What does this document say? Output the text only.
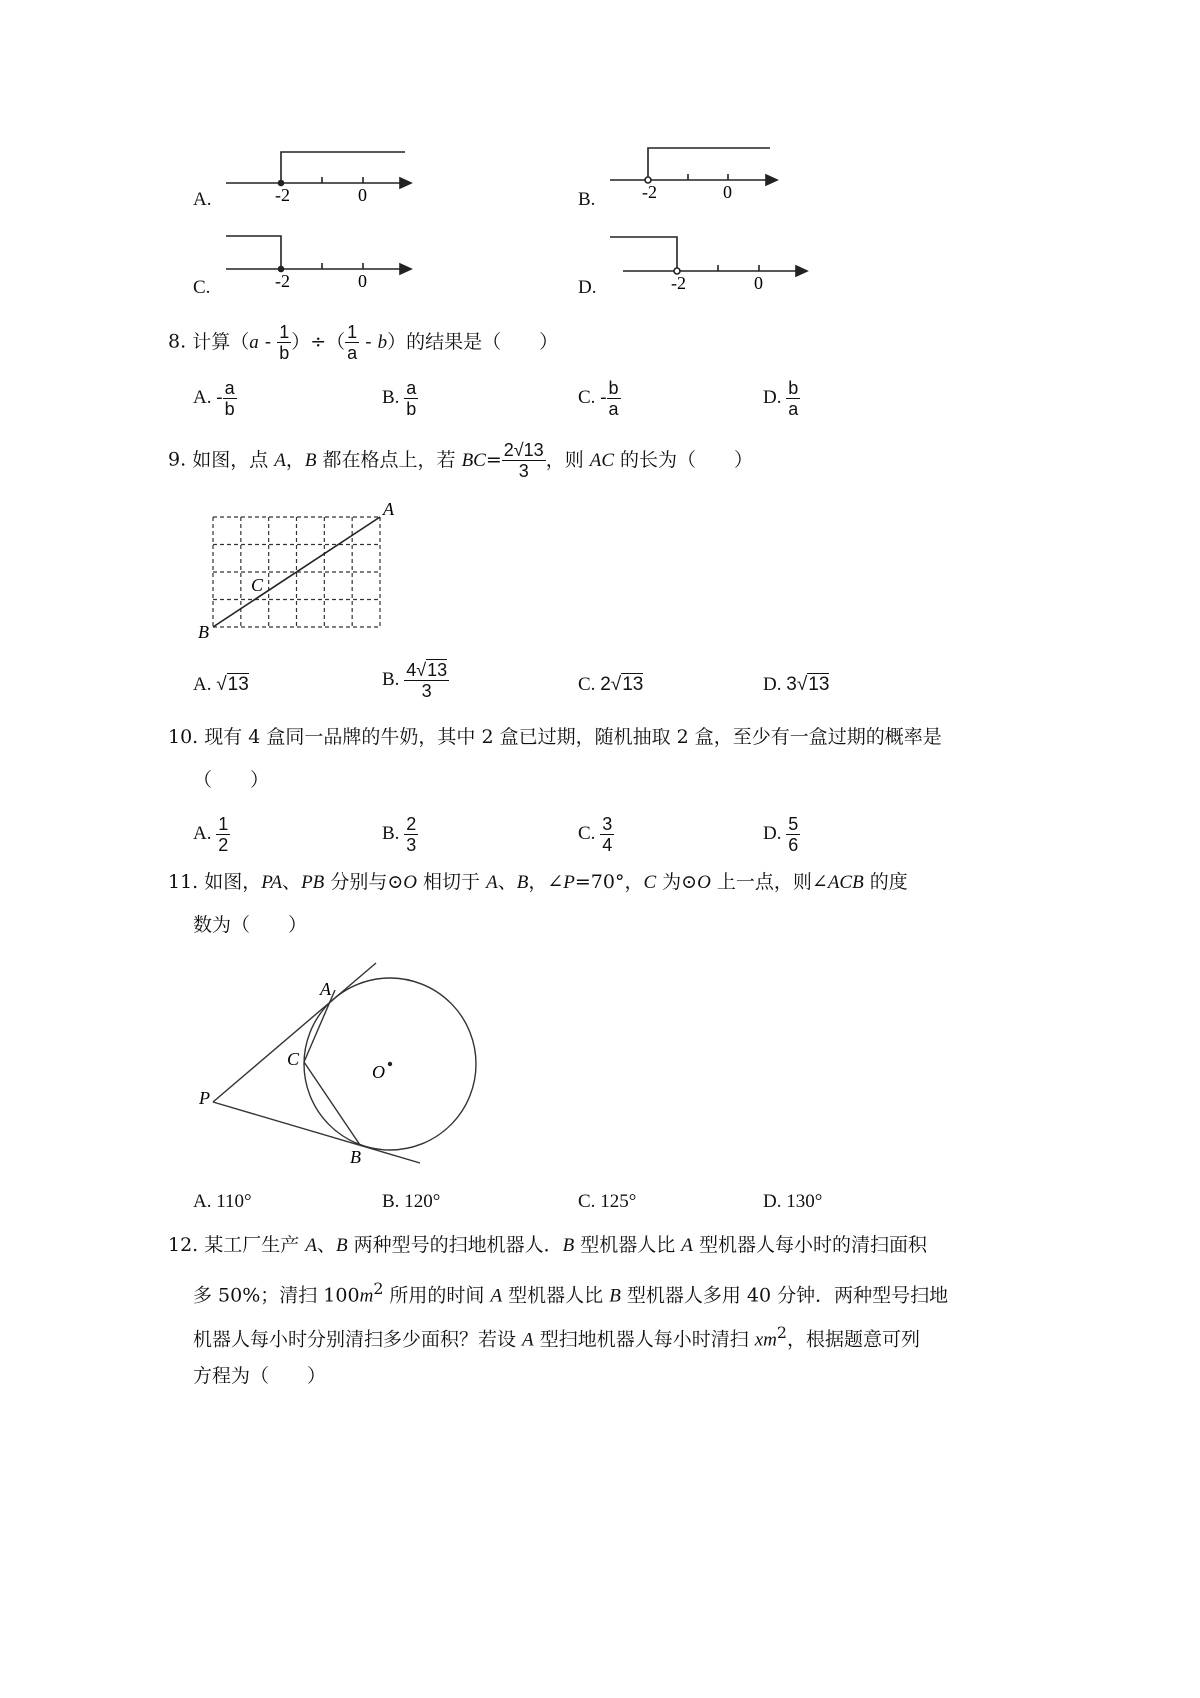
-2	0	-2	0
-2	0	-2	0
A.	B.
C.	D.
8. 计算（$a - \frac{1}{b}$ ）÷（ $\frac{1}{a} - b$）的结果是（　　）
A. - $\frac{a}{b}$	B. $\frac{a}{b}$	C. - $\frac{b}{a}$	D. $\frac{b}{a}$
9. 如图，点 A，B 都在格点上，若 $BC= \frac{2√13}{3}$ ，则 AC 的长为（　　）
A
B
C
A. √13	B. $\frac{4√13}{3}$	C. 2√13	D. 3√13
10. 现有 4 盒同一品牌的牛奶，其中 2 盒已过期，随机抽取 2 盒，至少有一盒过期的概率是
（　　）
A. $\frac{1}{2}$	B. $\frac{2}{3}$	C. $\frac{3}{4}$	D. $\frac{5}{6}$
11. 如图，PA、PB 分别与⊙O 相切于 A、B，∠P=70°，C 为⊙O 上一点，则∠ACB 的度
数为（　　）
A
B
C
O
P
A. 110°	B. 120°	C. 125°	D. 130°
12. 某工厂生产 A、B 两种型号的扫地机器人．B 型机器人比 A 型机器人每小时的清扫面积
多 50%；清扫 $100m^2$ 所用的时间 A 型机器人比 B 型机器人多用 40 分钟．两种型号扫地
机器人每小时分别清扫多少面积？若设 A 型扫地机器人每小时清扫 $xm^2$，根据题意可列
方程为（　　）
